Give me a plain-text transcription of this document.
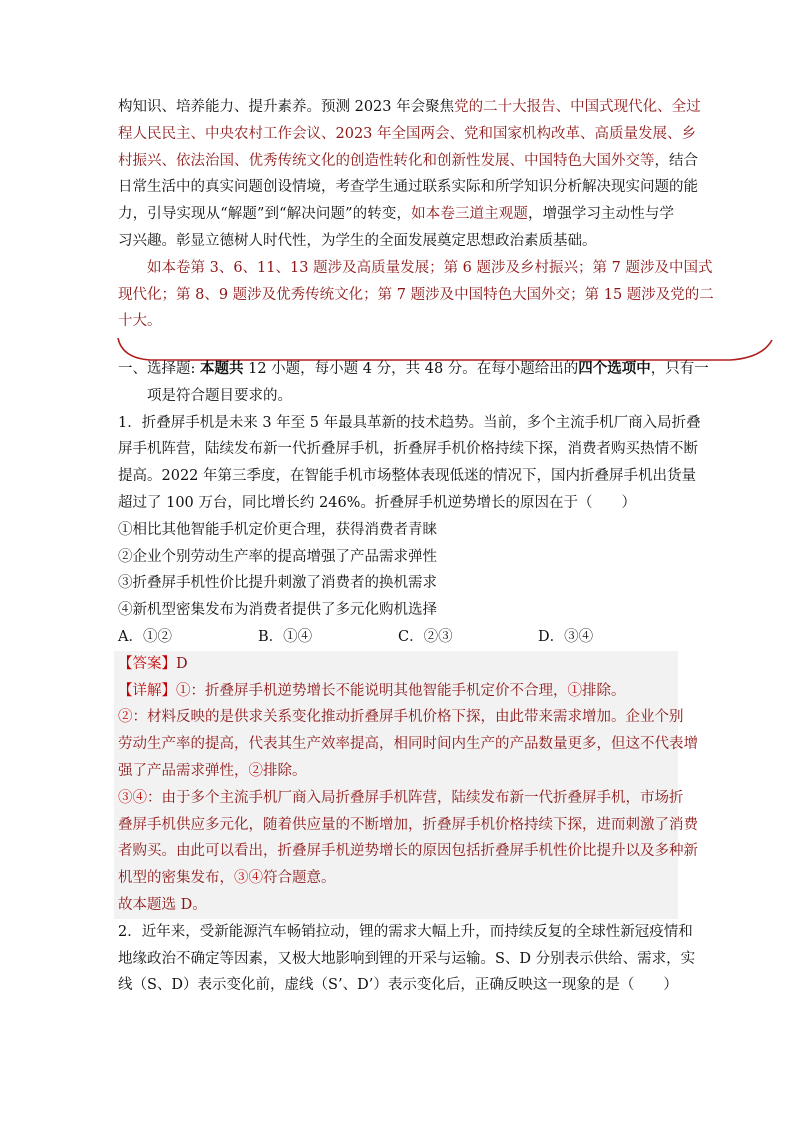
构知识、培养能力、提升素养。预测 2023 年会聚焦党的二十大报告、中国式现代化、全过
程人民民主、中央农村工作会议、2023 年全国两会、党和国家机构改革、高质量发展、乡
村振兴、依法治国、优秀传统文化的创造性转化和创新性发展、中国特色大国外交等，结合
日常生活中的真实问题创设情境，考查学生通过联系实际和所学知识分析解决现实问题的能
力，引导实现从“解题”到“解决问题”的转变，如本卷三道主观题，增强学习主动性与学
习兴趣。彰显立德树人时代性，为学生的全面发展奠定思想政治素质基础。
如本卷第 3、6、11、13 题涉及高质量发展；第 6 题涉及乡村振兴；第 7 题涉及中国式
现代化；第 8、9 题涉及优秀传统文化；第 7 题涉及中国特色大国外交；第 15 题涉及党的二
十大。
一、选择题: 本题共 12 小题，每小题 4 分，共 48 分。在每小题给出的四个选项中，只有一
项是符合题目要求的。
1．折叠屏手机是未来 3 年至 5 年最具革新的技术趋势。当前，多个主流手机厂商入局折叠
屏手机阵营，陆续发布新一代折叠屏手机，折叠屏手机价格持续下探，消费者购买热情不断
提高。2022 年第三季度，在智能手机市场整体表现低迷的情况下，国内折叠屏手机出货量
超过了 100 万台，同比增长约 246%。折叠屏手机逆势增长的原因在于（　　）
①相比其他智能手机定价更合理，获得消费者青睐
②企业个别劳动生产率的提高增强了产品需求弹性
③折叠屏手机性价比提升刺激了消费者的换机需求
④新机型密集发布为消费者提供了多元化购机选择
A．①②	B．①④	C．②③	D．③④
【答案】D
【详解】①：折叠屏手机逆势增长不能说明其他智能手机定价不合理，①排除。
②：材料反映的是供求关系变化推动折叠屏手机价格下探，由此带来需求增加。企业个别
劳动生产率的提高，代表其生产效率提高，相同时间内生产的产品数量更多，但这不代表增
强了产品需求弹性，②排除。
③④：由于多个主流手机厂商入局折叠屏手机阵营，陆续发布新一代折叠屏手机，市场折
叠屏手机供应多元化，随着供应量的不断增加，折叠屏手机价格持续下探，进而刺激了消费
者购买。由此可以看出，折叠屏手机逆势增长的原因包括折叠屏手机性价比提升以及多种新
机型的密集发布，③④符合题意。
故本题选 D。
2．近年来，受新能源汽车畅销拉动，锂的需求大幅上升，而持续反复的全球性新冠疫情和
地缘政治不确定等因素，又极大地影响到锂的开采与运输。S、D 分别表示供给、需求，实
线（S、D）表示变化前，虚线（S’、D’）表示变化后，正确反映这一现象的是（　　）
